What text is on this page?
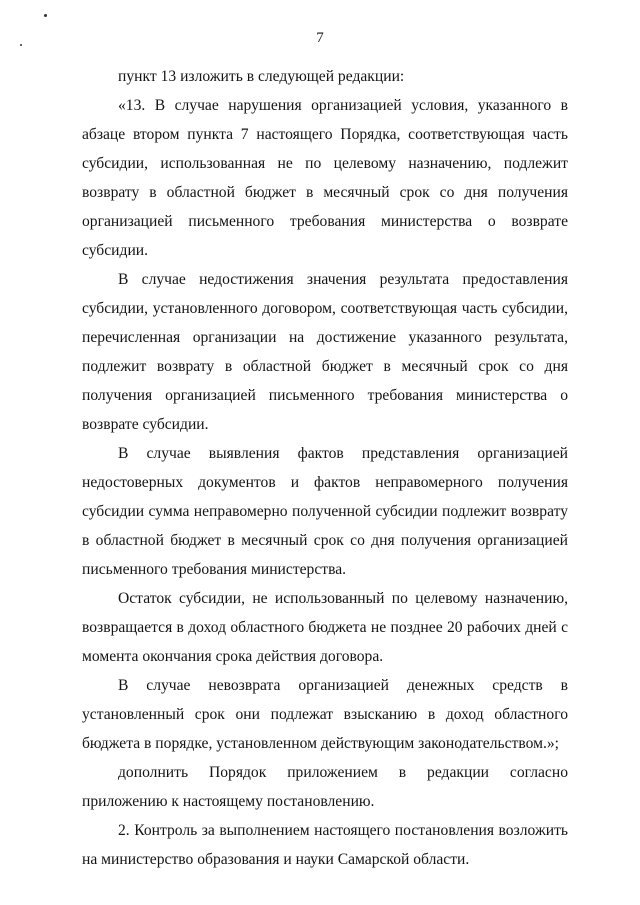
7

пункт 13 изложить в следующей редакции:

«13. В случае нарушения организацией условия, указанного в абзаце втором пункта 7 настоящего Порядка, соответствующая часть субсидии, использованная не по целевому назначению, подлежит возврату в областной бюджет в месячный срок со дня получения организацией письменного требования министерства о возврате субсидии.

В случае недостижения значения результата предоставления субсидии, установленного договором, соответствующая часть субсидии, перечисленная организации на достижение указанного результата, подлежит возврату в областной бюджет в месячный срок со дня получения организацией письменного требования министерства о возврате субсидии.

В случае выявления фактов представления организацией недостоверных документов и фактов неправомерного получения субсидии сумма неправомерно полученной субсидии подлежит возврату в областной бюджет в месячный срок со дня получения организацией письменного требования министерства.

Остаток субсидии, не использованный по целевому назначению, возвращается в доход областного бюджета не позднее 20 рабочих дней с момента окончания срока действия договора.

В случае невозврата организацией денежных средств в установленный срок они подлежат взысканию в доход областного бюджета в порядке, установленном действующим законодательством.»;

дополнить Порядок приложением в редакции согласно приложению к настоящему постановлению.

2. Контроль за выполнением настоящего постановления возложить на министерство образования и науки Самарской области.
